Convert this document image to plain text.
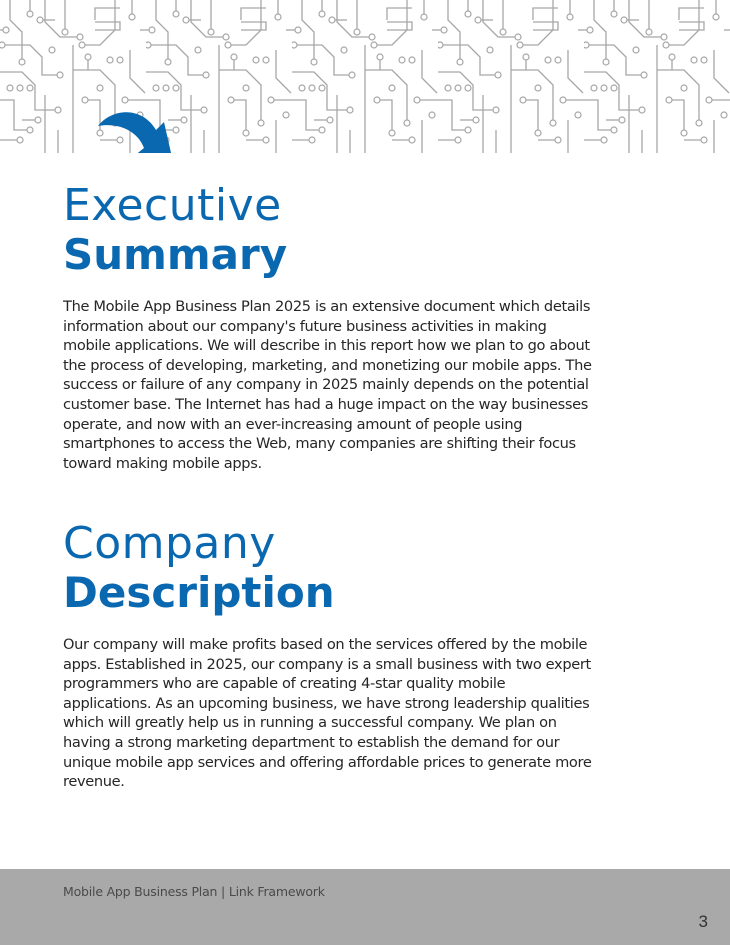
Executive
Summary

The Mobile App Business Plan 2025 is an extensive document which details information about our company's future business activities in making mobile applications. We will describe in this report how we plan to go about the process of developing, marketing, and monetizing our mobile apps. The success or failure of any company in 2025 mainly depends on the potential customer base. The Internet has had a huge impact on the way businesses operate, and now with an ever-increasing amount of people using smartphones to access the Web, many companies are shifting their focus toward making mobile apps.

Company
Description

Our company will make profits based on the services offered by the mobile apps. Established in 2025, our company is a small business with two expert programmers who are capable of creating 4-star quality mobile applications. As an upcoming business, we have strong leadership qualities which will greatly help us in running a successful company. We plan on having a strong marketing department to establish the demand for our unique mobile app services and offering affordable prices to generate more revenue.

Mobile App Business Plan | Link Framework
3
